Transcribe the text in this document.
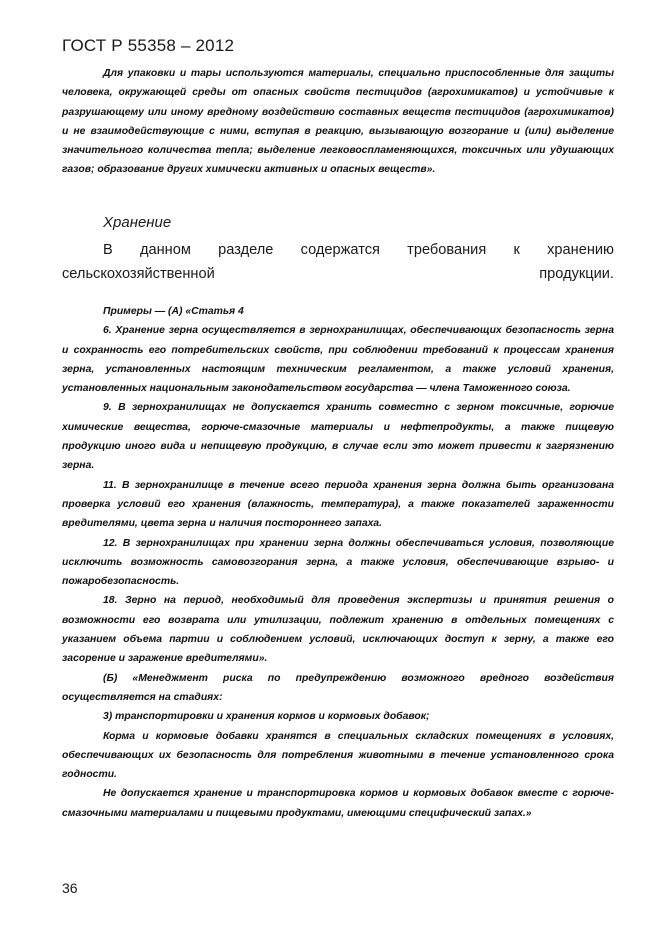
ГОСТ Р 55358 – 2012

Для упаковки и тары используются материалы, специально приспособленные для защиты человека, окружающей среды от опасных свойств пестицидов (агрохимикатов) и устойчивые к разрушающему или иному вредному воздействию составных веществ пестицидов (агрохимикатов) и не взаимодействующие с ними, вступая в реакцию, вызывающую возгорание и (или) выделение значительного количества тепла; выделение легковоспламеняющихся, токсичных или удушающих газов; образование других химически активных и опасных веществ».

Хранение
В данном разделе содержатся требования к хранению сельскохозяйственной продукции.

Примеры — (А) «Статья 4

6. Хранение зерна осуществляется в зернохранилищах, обеспечивающих безопасность зерна и сохранность его потребительских свойств, при соблюдении требований к процессам хранения зерна, установленных настоящим техническим регламентом, а также условий хранения, установленных национальным законодательством государства — члена Таможенного союза.

9. В зернохранилищах не допускается хранить совместно с зерном токсичные, горючие химические вещества, горюче-смазочные материалы и нефтепродукты, а также пищевую продукцию иного вида и непищевую продукцию, в случае если это может привести к загрязнению зерна.

11. В зернохранилище в течение всего периода хранения зерна должна быть организована проверка условий его хранения (влажность, температура), а также показателей зараженности вредителями, цвета зерна и наличия постороннего запаха.

12. В зернохранилищах при хранении зерна должны обеспечиваться условия, позволяющие исключить возможность самовозгорания зерна, а также условия, обеспечивающие взрыво- и пожаробезопасность.

18. Зерно на период, необходимый для проведения экспертизы и принятия решения о возможности его возврата или утилизации, подлежит хранению в отдельных помещениях с указанием объема партии и соблюдением условий, исключающих доступ к зерну, а также его засорение и заражение вредителями».

(Б) «Менеджмент риска по предупреждению возможного вредного воздействия осуществляется на стадиях:

3) транспортировки и хранения кормов и кормовых добавок;

Корма и кормовые добавки хранятся в специальных складских помещениях в условиях, обеспечивающих их безопасность для потребления животными в течение установленного срока годности.

Не допускается хранение и транспортировка кормов и кормовых добавок вместе с горюче-смазочными материалами и пищевыми продуктами, имеющими специфический запах.»

36
